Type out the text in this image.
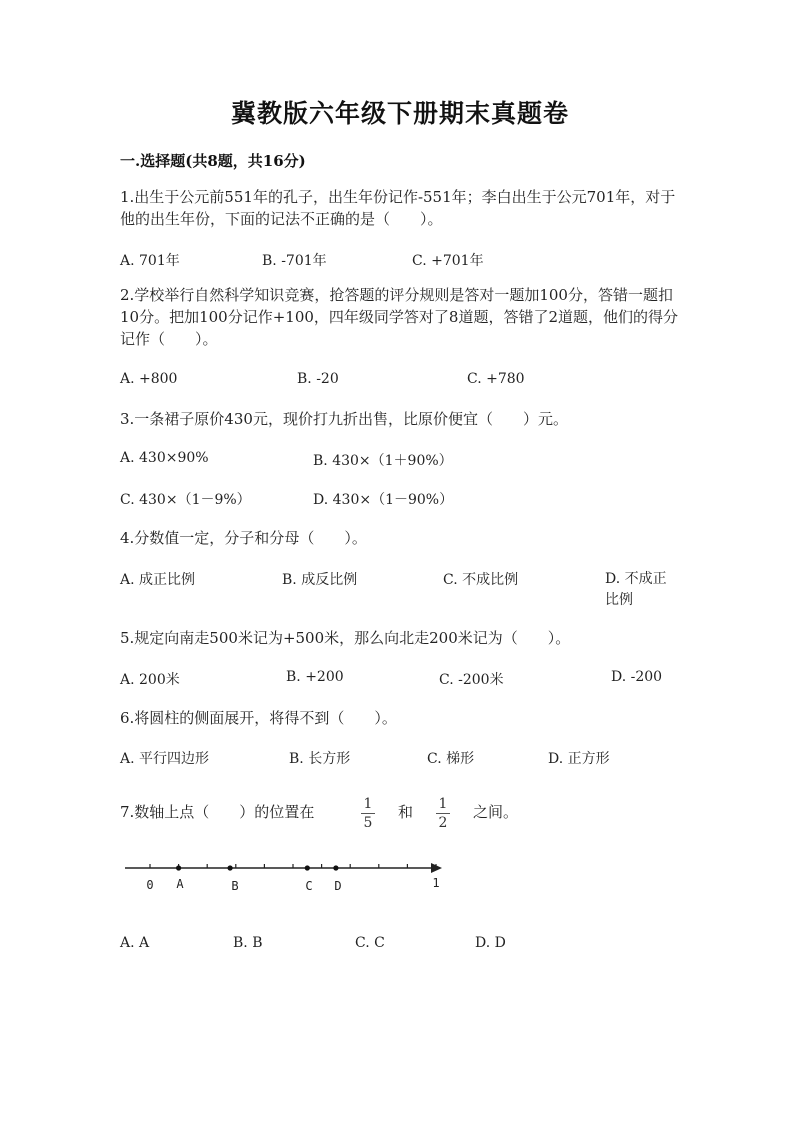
冀教版六年级下册期末真题卷
一.选择题(共8题，共16分)
1.出生于公元前551年的孔子，出生年份记作-551年；李白出生于公元701年，对于他的出生年份，下面的记法不正确的是（　　）。
A. 701年	B. -701年	C. +701年
2.学校举行自然科学知识竞赛，抢答题的评分规则是答对一题加100分，答错一题扣10分。把加100分记作+100，四年级同学答对了8道题，答错了2道题，他们的得分记作（　　）。
A. +800	B. -20	C. +780
3.一条裙子原价430元，现价打九折出售，比原价便宜（　　）元。
A. 430×90%	B. 430×（1＋90%）
C. 430×（1－9%）	D. 430×（1－90%）
4.分数值一定，分子和分母（　　）。
A. 成正比例	B. 成反比例	C. 不成比例	D. 不成正比例
5.规定向南走500米记为+500米，那么向北走200米记为（　　）。
A. 200米	B. +200	C. -200米	D. -200
6.将圆柱的侧面展开，将得不到（　　）。
A. 平行四边形	B. 长方形	C. 梯形	D. 正方形
7.数轴上点（　　）的位置在	1
5
和	1
2
之间。
0 A	B	C D	1
A. A	B. B	C. C	D. D
